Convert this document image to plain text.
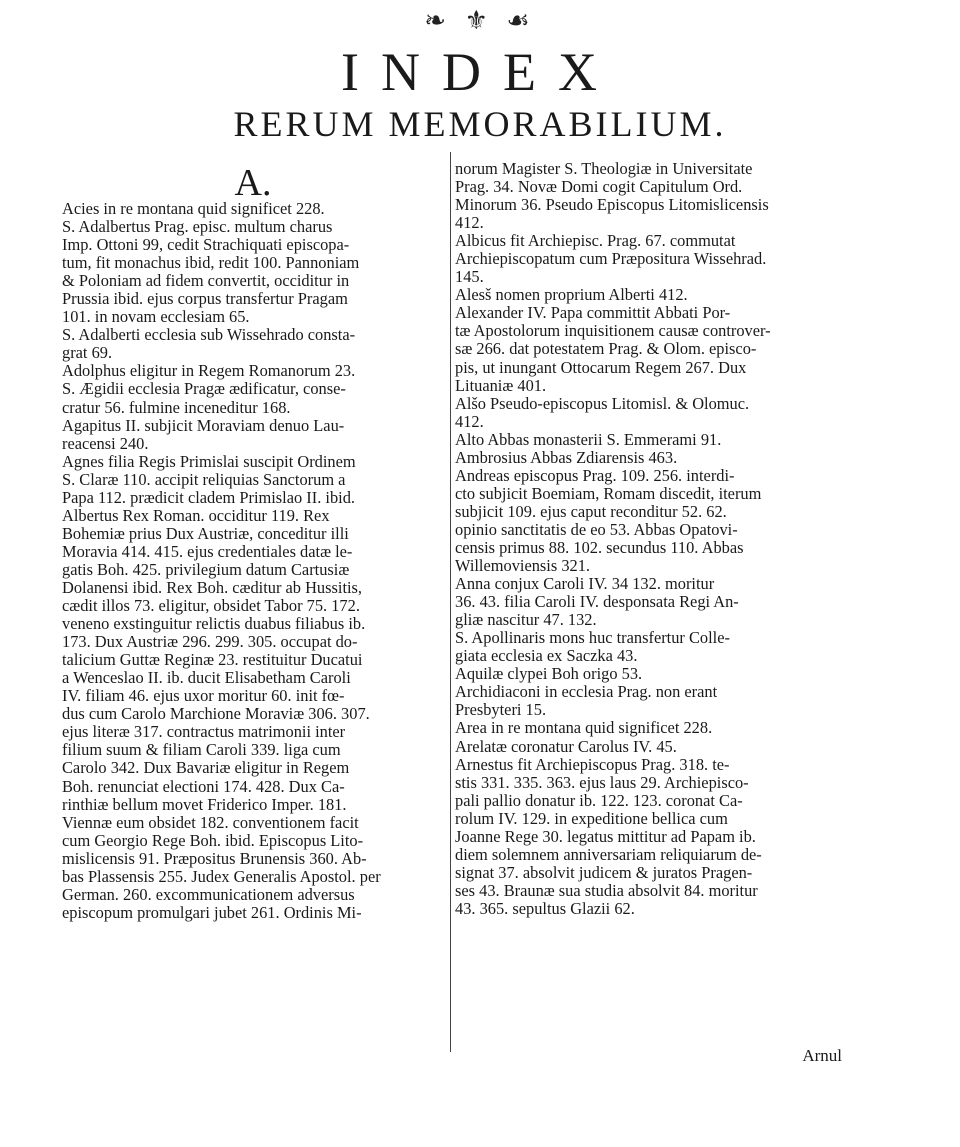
❧ ⚜ ☙
INDEX
RERUM MEMORABILIUM.
A.
Acies in re montana quid significet 228.
S. Adalbertus Prag. episc. multum charus
Imp. Ottoni 99, cedit Strachiquati episcopa-
tum, fit monachus ibid, redit 100. Pannoniam
& Poloniam ad fidem convertit, occiditur in
Prussia ibid. ejus corpus transfertur Pragam
101. in novam ecclesiam 65.
S. Adalberti ecclesia sub Wissehrado consta-
grat 69.
Adolphus eligitur in Regem Romanorum 23.
S. Ægidii ecclesia Pragæ ædificatur, conse-
cratur 56. fulmine inceneditur 168.
Agapitus II. subjicit Moraviam denuo Lau-
reacensi 240.
Agnes filia Regis Primislai suscipit Ordinem
S. Claræ 110. accipit reliquias Sanctorum a
Papa 112. prædicit cladem Primislao II. ibid.
Albertus Rex Roman. occiditur 119. Rex
Bohemiæ prius Dux Austriæ, conceditur illi
Moravia 414. 415. ejus credentiales datæ le-
gatis Boh. 425. privilegium datum Cartusiæ
Dolanensi ibid. Rex Boh. cæditur ab Hussitis,
cædit illos 73. eligitur, obsidet Tabor 75. 172.
veneno exstinguitur relictis duabus filiabus ib.
173. Dux Austriæ 296. 299. 305. occupat do-
talicium Guttæ Reginæ 23. restituitur Ducatui
a Wenceslao II. ib. ducit Elisabetham Caroli
IV. filiam 46. ejus uxor moritur 60. init fœ-
dus cum Carolo Marchione Moraviæ 306. 307.
ejus literæ 317. contractus matrimonii inter
filium suum & filiam Caroli 339. liga cum
Carolo 342. Dux Bavariæ eligitur in Regem
Boh. renunciat electioni 174. 428. Dux Ca-
rinthiæ bellum movet Friderico Imper. 181.
Viennæ eum obsidet 182. conventionem facit
cum Georgio Rege Boh. ibid. Episcopus Lito-
mislicensis 91. Præpositus Brunensis 360. Ab-
bas Plassensis 255. Judex Generalis Apostol. per
German. 260. excommunicationem adversus
episcopum promulgari jubet 261. Ordinis Mi-
norum Magister S. Theologiæ in Universitate
Prag. 34. Novæ Domi cogit Capitulum Ord.
Minorum 36. Pseudo Episcopus Litomislicensis
412.
Albicus fit Archiepisc. Prag. 67. commutat
Archiepiscopatum cum Præpositura Wissehrad.
145.
Alesš nomen proprium Alberti 412.
Alexander IV. Papa committit Abbati Por-
tæ Apostolorum inquisitionem causæ controver-
sæ 266. dat potestatem Prag. & Olom. episco-
pis, ut inungant Ottocarum Regem 267. Dux
Lituaniæ 401.
Alšo Pseudo-episcopus Litomisl. & Olomuc.
412.
Alto Abbas monasterii S. Emmerami 91.
Ambrosius Abbas Zdiarensis 463.
Andreas episcopus Prag. 109. 256. interdi-
cto subjicit Boemiam, Romam discedit, iterum
subjicit 109. ejus caput reconditur 52. 62.
opinio sanctitatis de eo 53. Abbas Opatovi-
censis primus 88. 102. secundus 110. Abbas
Willemoviensis 321.
Anna conjux Caroli IV. 34 132. moritur
36. 43. filia Caroli IV. desponsata Regi An-
gliæ nascitur 47. 132.
S. Apollinaris mons huc transfertur Colle-
giata ecclesia ex Saczka 43.
Aquilæ clypei Boh origo 53.
Archidiaconi in ecclesia Prag. non erant
Presbyteri 15.
Area in re montana quid significet 228.
Arelatæ coronatur Carolus IV. 45.
Arnestus fit Archiepiscopus Prag. 318. te-
stis 331. 335. 363. ejus laus 29. Archiepisco-
pali pallio donatur ib. 122. 123. coronat Ca-
rolum IV. 129. in expeditione bellica cum
Joanne Rege 30. legatus mittitur ad Papam ib.
diem solemnem anniversariam reliquiarum de-
signat 37. absolvit judicem & juratos Pragen-
ses 43. Braunæ sua studia absolvit 84. moritur
43. 365. sepultus Glazii 62.
Arnul
